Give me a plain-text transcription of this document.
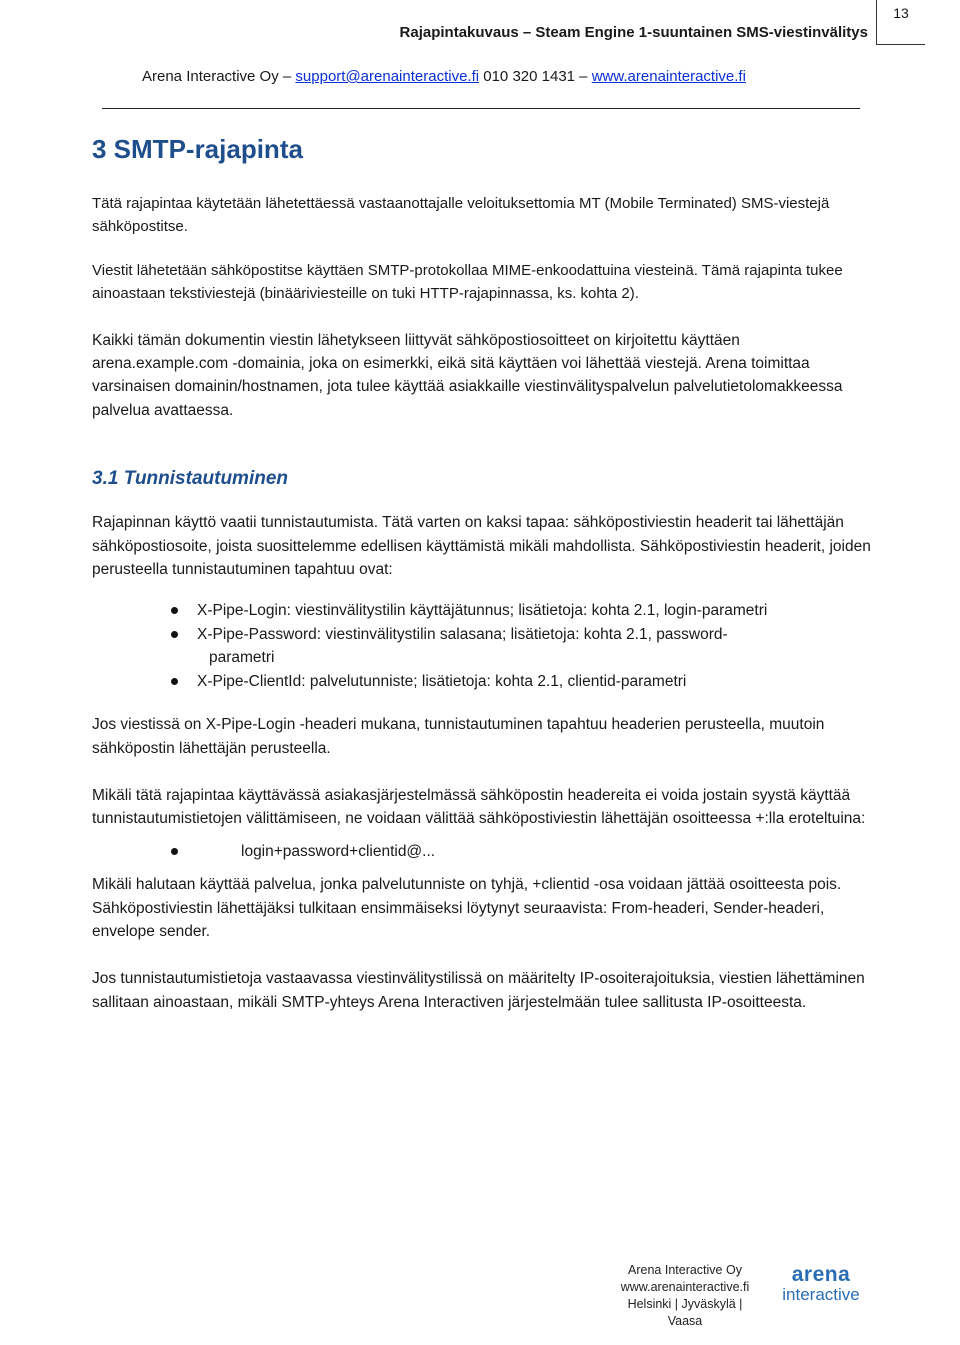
13
Rajapintakuvaus – Steam Engine 1-suuntainen SMS-viestinvälitys
Arena Interactive Oy – support@arenainteractive.fi 010 320 1431 – www.arenainteractive.fi
3 SMTP-rajapinta

Tätä rajapintaa käytetään lähetettäessä vastaanottajalle veloituksettomia MT (Mobile Terminated) SMS-viestejä sähköpostitse.

Viestit lähetetään sähköpostitse käyttäen SMTP-protokollaa MIME-enkoodattuina viesteinä. Tämä rajapinta tukee ainoastaan tekstiviestejä (binääriviesteille on tuki HTTP-rajapinnassa, ks. kohta 2).

Kaikki tämän dokumentin viestin lähetykseen liittyvät sähköpostiosoitteet on kirjoitettu käyttäen arena.example.com -domainia, joka on esimerkki, eikä sitä käyttäen voi lähettää viestejä. Arena toimittaa varsinaisen domainin/hostnamen, jota tulee käyttää asiakkaille viestinvälityspalvelun palvelutietolomakkeessa palvelua avattaessa.

3.1 Tunnistautuminen

Rajapinnan käyttö vaatii tunnistautumista. Tätä varten on kaksi tapaa: sähköpostiviestin headerit tai lähettäjän sähköpostiosoite, joista suosittelemme edellisen käyttämistä mikäli mahdollista. Sähköpostiviestin headerit, joiden perusteella tunnistautuminen tapahtuu ovat:

X-Pipe-Login: viestinvälitystilin käyttäjätunnus; lisätietoja: kohta 2.1, login-parametri
X-Pipe-Password: viestinvälitystilin salasana; lisätietoja: kohta 2.1, password-
parametri
X-Pipe-ClientId: palvelutunniste; lisätietoja: kohta 2.1, clientid-parametri

Jos viestissä on X-Pipe-Login -headeri mukana, tunnistautuminen tapahtuu headerien perusteella, muutoin sähköpostin lähettäjän perusteella.

Mikäli tätä rajapintaa käyttävässä asiakasjärjestelmässä sähköpostin headereita ei voida jostain syystä käyttää tunnistautumistietojen välittämiseen, ne voidaan välittää sähköpostiviestin lähettäjän osoitteessa +:lla eroteltuina:

login+password+clientid@...

Mikäli halutaan käyttää palvelua, jonka palvelutunniste on tyhjä, +clientid -osa voidaan jättää osoitteesta pois. Sähköpostiviestin lähettäjäksi tulkitaan ensimmäiseksi löytynyt seuraavista: From-headeri, Sender-headeri, envelope sender.

Jos tunnistautumistietoja vastaavassa viestinvälitystilissä on määritelty IP-osoiterajoituksia, viestien lähettäminen sallitaan ainoastaan, mikäli SMTP-yhteys Arena Interactiven järjestelmään tulee sallitusta IP-osoitteesta.

Arena Interactive Oy
www.arenainteractive.fi
Helsinki | Jyväskylä | Vaasa
arena
interactive
